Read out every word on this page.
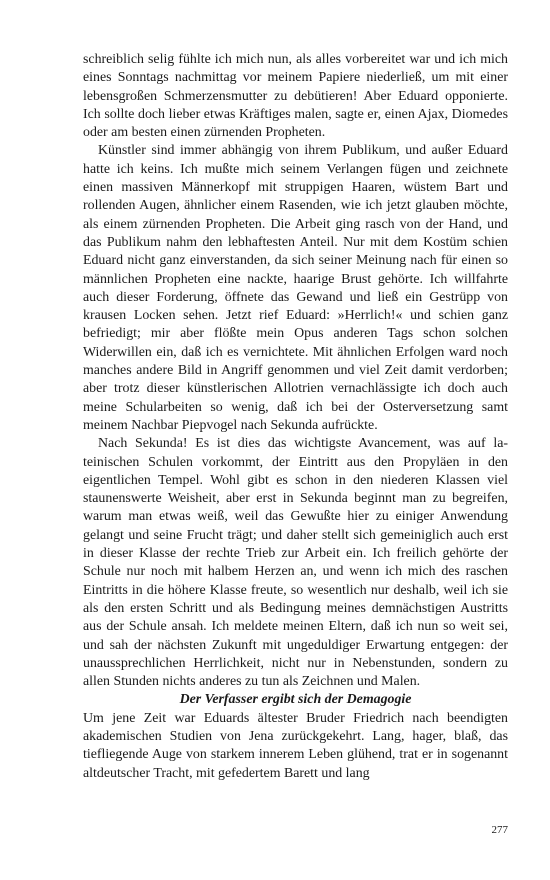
schreiblich selig fühlte ich mich nun, als alles vorbereitet war und ich mich eines Sonntags nachmittag vor meinem Papiere niederließ, um mit einer lebensgroßen Schmerzensmutter zu debütieren! Aber Eduard opponierte. Ich sollte doch lieber etwas Kräftiges malen, sagte er, einen Ajax, Diomedes oder am besten einen zürnenden Propheten.

Künstler sind immer abhängig von ihrem Publikum, und außer Eduard hatte ich keins. Ich mußte mich seinem Verlangen fügen und zeichnete einen massiven Männerkopf mit struppigen Haaren, wüstem Bart und rollenden Augen, ähnlicher einem Rasenden, wie ich jetzt glauben möchte, als einem zürnenden Propheten. Die Arbeit ging rasch von der Hand, und das Publikum nahm den lebhaftesten Anteil. Nur mit dem Kostüm schien Eduard nicht ganz einverstanden, da sich seiner Meinung nach für einen so männlichen Propheten eine nackte, haarige Brust gehörte. Ich willfahrte auch dieser Forderung, öffnete das Gewand und ließ ein Gestrüpp von krausen Locken sehen. Jetzt rief Eduard: »Herrlich!« und schien ganz befriedigt; mir aber flößte mein Opus anderen Tags schon solchen Widerwillen ein, daß ich es vernichtete. Mit ähnlichen Erfolgen ward noch manches andere Bild in Angriff genommen und viel Zeit damit verdorben; aber trotz dieser künstlerischen Allotrien vernachlässigte ich doch auch meine Schularbeiten so wenig, daß ich bei der Osterversetzung samt meinem Nachbar Piepvogel nach Sekunda aufrückte.

Nach Sekunda! Es ist dies das wichtigste Avancement, was auf lateinischen Schulen vorkommt, der Eintritt aus den Propyläen in den eigentlichen Tempel. Wohl gibt es schon in den niederen Klassen viel staunenswerte Weisheit, aber erst in Sekunda beginnt man zu begreifen, warum man etwas weiß, weil das Gewußte hier zu einiger Anwendung gelangt und seine Frucht trägt; und daher stellt sich gemeiniglich auch erst in dieser Klasse der rechte Trieb zur Arbeit ein. Ich freilich gehörte der Schule nur noch mit halbem Herzen an, und wenn ich mich des raschen Eintritts in die höhere Klasse freute, so wesentlich nur deshalb, weil ich sie als den ersten Schritt und als Bedingung meines demnächstigen Austritts aus der Schule ansah. Ich meldete meinen Eltern, daß ich nun so weit sei, und sah der nächsten Zukunft mit ungeduldiger Erwartung entgegen: der unaussprechlichen Herrlichkeit, nicht nur in Nebenstunden, sondern zu allen Stunden nichts anderes zu tun als Zeichnen und Malen.

Der Verfasser ergibt sich der Demagogie

Um jene Zeit war Eduards ältester Bruder Friedrich nach beendigten akademischen Studien von Jena zurückgekehrt. Lang, hager, blaß, das tiefliegende Auge von starkem innerem Leben glühend, trat er in sogenannt altdeutscher Tracht, mit gefedertem Barett und lang

277
